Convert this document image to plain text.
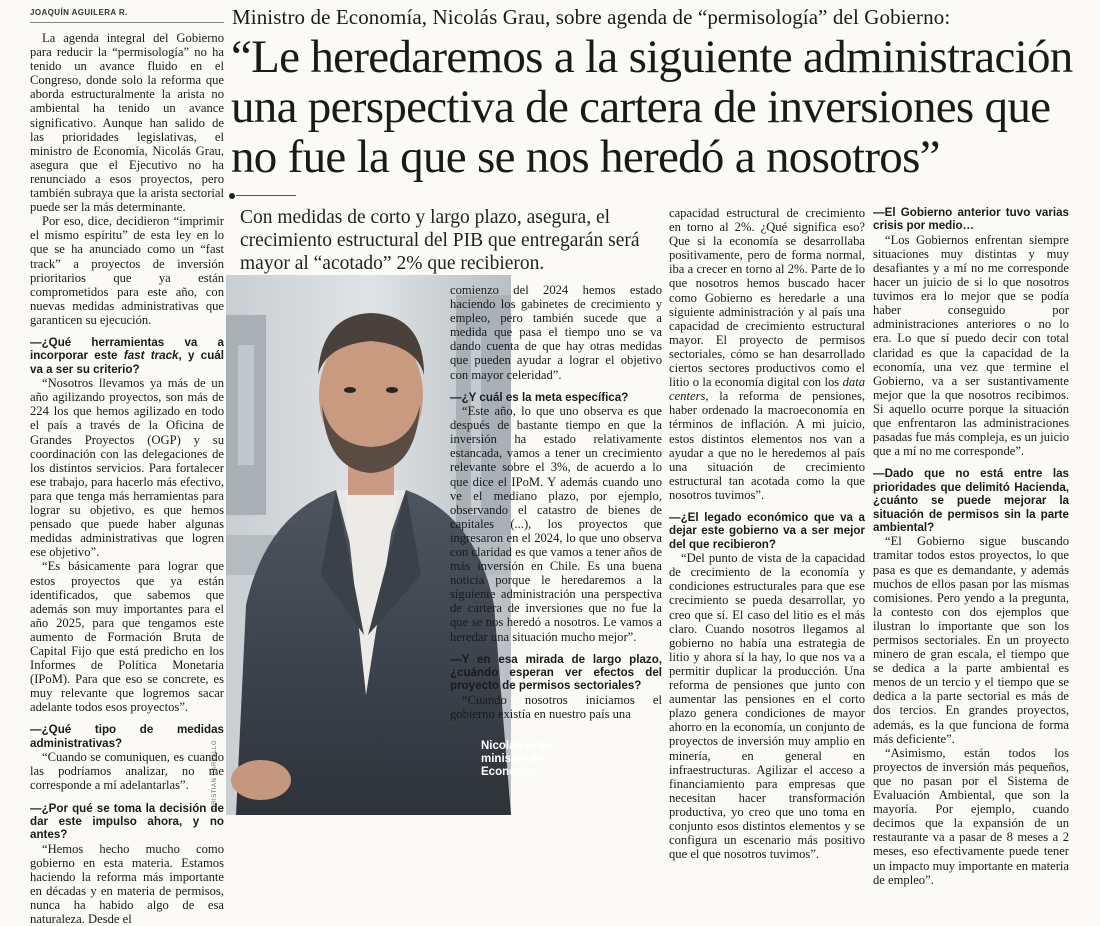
JOAQUÍN AGUILERA R.	Ministro de Economía, Nicolás Grau, sobre agenda de “permisología” del Gobierno:
“Le heredaremos a la siguiente administración
una perspectiva de cartera de inversiones que
no fue la que se nos heredó a nosotros”
Con medidas de corto y largo plazo, asegura, el crecimiento estructural del PIB que entregarán será mayor al “acotado” 2% que recibieron.
Nicolás Grau,
ministro de
Economía.
CRISTIÁN CARVALLO

La agenda integral del Gobierno para reducir la “permisología” no ha tenido un avance fluido en el Congreso, donde solo la reforma que aborda estructuralmente la arista no ambiental ha tenido un avance significativo. Aunque han salido de las prioridades legislativas, el ministro de Economía, Nicolás Grau, asegura que el Ejecutivo no ha renunciado a esos proyectos, pero también subraya que la arista sectorial puede ser la más determinante.

Por eso, dice, decidieron “imprimir el mismo espíritu” de esta ley en lo que se ha anunciado como un “fast track” a proyectos de inversión prioritarios que ya están comprometidos para este año, con nuevas medidas administrativas que garanticen su ejecución.

—¿Qué herramientas va a incorporar este fast track, y cuál va a ser su criterio?

“Nosotros llevamos ya más de un año agilizando proyectos, son más de 224 los que hemos agilizado en todo el país a través de la Oficina de Grandes Proyectos (OGP) y su coordinación con las delegaciones de los distintos servicios. Para fortalecer ese trabajo, para hacerlo más efectivo, para que tenga más herramientas para lograr su objetivo, es que hemos pensado que puede haber algunas medidas administrativas que logren ese objetivo”.

“Es básicamente para lograr que estos proyectos que ya están identificados, que sabemos que además son muy importantes para el año 2025, para que tengamos este aumento de Formación Bruta de Capital Fijo que está predicho en los Informes de Política Monetaria (IPoM). Para que eso se concrete, es muy relevante que logremos sacar adelante todos esos proyectos”.

—¿Qué tipo de medidas administrativas?

“Cuando se comuniquen, es cuando las podríamos analizar, no me corresponde a mí adelantarlas”.

—¿Por qué se toma la decisión de dar este impulso ahora, y no antes?

“Hemos hecho mucho como gobierno en esta materia. Estamos haciendo la reforma más importante en décadas y en materia de permisos, nunca ha habido algo de esa naturaleza. Desde el

comienzo del 2024 hemos estado haciendo los gabinetes de crecimiento y empleo, pero también sucede que a medida que pasa el tiempo uno se va dando cuenta de que hay otras medidas que pueden ayudar a lograr el objetivo con mayor celeridad”.

—¿Y cuál es la meta específica?

“Este año, lo que uno observa es que después de bastante tiempo en que la inversión ha estado relativamente estancada, vamos a tener un crecimiento relevante sobre el 3%, de acuerdo a lo que dice el IPoM. Y además cuando uno ve el mediano plazo, por ejemplo, observando el catastro de bienes de capitales (...), los proyectos que ingresaron en el 2024, lo que uno observa con claridad es que vamos a tener años de más inversión en Chile. Es una buena noticia porque le heredaremos a la siguiente administración una perspectiva de cartera de inversiones que no fue la que se nos heredó a nosotros. Le vamos a heredar una situación mucho mejor”.

—Y en esa mirada de largo plazo, ¿cuándo esperan ver efectos del proyecto de permisos sectoriales?

“Cuando nosotros iniciamos el gobierno existía en nuestro país una

capacidad estructural de crecimiento en torno al 2%. ¿Qué significa eso? Que si la economía se desarrollaba positivamente, pero de forma normal, iba a crecer en torno al 2%. Parte de lo que nosotros hemos buscado hacer como Gobierno es heredarle a una siguiente administración y al país una capacidad de crecimiento estructural mayor. El proyecto de permisos sectoriales, cómo se han desarrollado ciertos sectores productivos como el litio o la economía digital con los data centers, la reforma de pensiones, haber ordenado la macroeconomía en términos de inflación. A mi juicio, estos distintos elementos nos van a ayudar a que no le heredemos al país una situación de crecimiento estructural tan acotada como la que nosotros tuvimos”.

—¿El legado económico que va a dejar este gobierno va a ser mejor del que recibieron?

“Del punto de vista de la capacidad de crecimiento de la economía y condiciones estructurales para que ese crecimiento se pueda desarrollar, yo creo que sí. El caso del litio es el más claro. Cuando nosotros llegamos al gobierno no había una estrategia de litio y ahora sí la hay, lo que nos va a permitir duplicar la producción. Una reforma de pensiones que junto con aumentar las pensiones en el corto plazo genera condiciones de mayor ahorro en la economía, un conjunto de proyectos de inversión muy amplio en minería, en general en infraestructuras. Agilizar el acceso a financiamiento para empresas que necesitan hacer transformación productiva, yo creo que uno toma en conjunto esos distintos elementos y se configura un escenario más positivo que el que nosotros tuvimos”.

—El Gobierno anterior tuvo varias crisis por medio…

“Los Gobiernos enfrentan siempre situaciones muy distintas y muy desafiantes y a mí no me corresponde hacer un juicio de si lo que nosotros tuvimos era lo mejor que se podía haber conseguido por administraciones anteriores o no lo era. Lo que sí puedo decir con total claridad es que la capacidad de la economía, una vez que termine el Gobierno, va a ser sustantivamente mejor que la que nosotros recibimos. Si aquello ocurre porque la situación que enfrentaron las administraciones pasadas fue más compleja, es un juicio que a mí no me corresponde”.

—Dado que no está entre las prioridades que delimitó Hacienda, ¿cuánto se puede mejorar la situación de permisos sin la parte ambiental?

“El Gobierno sigue buscando tramitar todos estos proyectos, lo que pasa es que es demandante, y además muchos de ellos pasan por las mismas comisiones. Pero yendo a la pregunta, la contesto con dos ejemplos que ilustran lo importante que son los permisos sectoriales. En un proyecto minero de gran escala, el tiempo que se dedica a la parte ambiental es menos de un tercio y el tiempo que se dedica a la parte sectorial es más de dos tercios. En grandes proyectos, además, es la que funciona de forma más deficiente”.

“Asimismo, están todos los proyectos de inversión más pequeños, que no pasan por el Sistema de Evaluación Ambiental, que son la mayoría. Por ejemplo, cuando decimos que la expansión de un restaurante va a pasar de 8 meses a 2 meses, eso efectivamente puede tener un impacto muy importante en materia de empleo”.
